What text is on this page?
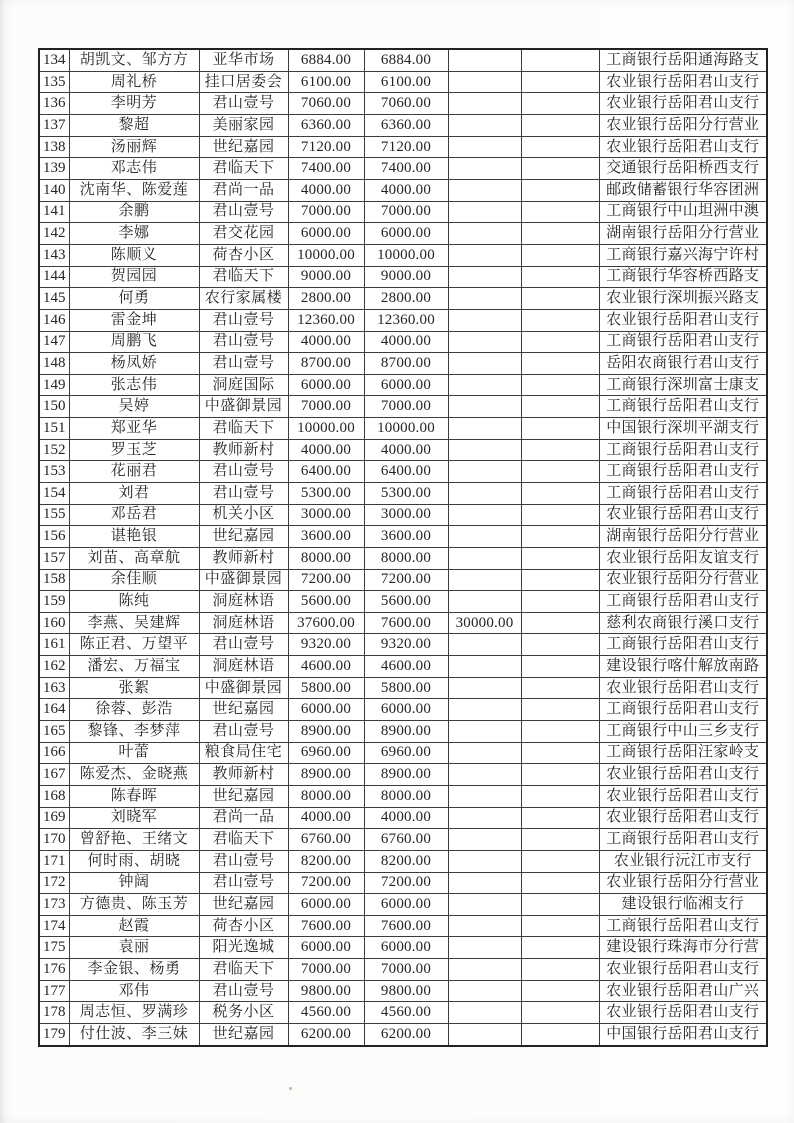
134	胡凯文、邹方方	亚华市场	6884.00	6884.00			工商银行岳阳通海路支
135	周礼桥	挂口居委会	6100.00	6100.00			农业银行岳阳君山支行
136	李明芳	君山壹号	7060.00	7060.00			农业银行岳阳君山支行
137	黎超	美丽家园	6360.00	6360.00			农业银行岳阳分行营业
138	汤丽辉	世纪嘉园	7120.00	7120.00			农业银行岳阳君山支行
139	邓志伟	君临天下	7400.00	7400.00			交通银行岳阳桥西支行
140	沈南华、陈爱莲	君尚一品	4000.00	4000.00			邮政储蓄银行华容团洲
141	余鹏	君山壹号	7000.00	7000.00			工商银行中山坦洲中澳
142	李娜	君交花园	6000.00	6000.00			湖南银行岳阳分行营业
143	陈顺义	荷杏小区	10000.00	10000.00			工商银行嘉兴海宁许村
144	贺园园	君临天下	9000.00	9000.00			工商银行华容桥西路支
145	何勇	农行家属楼	2800.00	2800.00			农业银行深圳振兴路支
146	雷金坤	君山壹号	12360.00	12360.00			农业银行岳阳君山支行
147	周鹏飞	君山壹号	4000.00	4000.00			工商银行岳阳君山支行
148	杨凤娇	君山壹号	8700.00	8700.00			岳阳农商银行君山支行
149	张志伟	洞庭国际	6000.00	6000.00			工商银行深圳富士康支
150	吴婷	中盛御景园	7000.00	7000.00			工商银行岳阳君山支行
151	郑亚华	君临天下	10000.00	10000.00			中国银行深圳平湖支行
152	罗玉芝	教师新村	4000.00	4000.00			工商银行岳阳君山支行
153	花丽君	君山壹号	6400.00	6400.00			工商银行岳阳君山支行
154	刘君	君山壹号	5300.00	5300.00			工商银行岳阳君山支行
155	邓岳君	机关小区	3000.00	3000.00			农业银行岳阳君山支行
156	谌艳银	世纪嘉园	3600.00	3600.00			湖南银行岳阳分行营业
157	刘苗、高章航	教师新村	8000.00	8000.00			农业银行岳阳友谊支行
158	余佳顺	中盛御景园	7200.00	7200.00			农业银行岳阳分行营业
159	陈纯	洞庭林语	5600.00	5600.00			工商银行岳阳君山支行
160	李燕、吴建辉	洞庭林语	37600.00	7600.00	30000.00		慈利农商银行溪口支行
161	陈正君、万望平	君山壹号	9320.00	9320.00			工商银行岳阳君山支行
162	潘宏、万福宝	洞庭林语	4600.00	4600.00			建设银行喀什解放南路
163	张絮	中盛御景园	5800.00	5800.00			农业银行岳阳君山支行
164	徐蓉、彭浩	世纪嘉园	6000.00	6000.00			工商银行岳阳君山支行
165	黎锋、李梦萍	君山壹号	8900.00	8900.00			工商银行中山三乡支行
166	叶蕾	粮食局住宅	6960.00	6960.00			工商银行岳阳汪家岭支
167	陈爱杰、金晓燕	教师新村	8900.00	8900.00			农业银行岳阳君山支行
168	陈春晖	世纪嘉园	8000.00	8000.00			农业银行岳阳君山支行
169	刘晓军	君尚一品	4000.00	4000.00			农业银行岳阳君山支行
170	曾舒艳、王绪文	君临天下	6760.00	6760.00			工商银行岳阳君山支行
171	何时雨、胡晓	君山壹号	8200.00	8200.00			农业银行沅江市支行
172	钟阔	君山壹号	7200.00	7200.00			农业银行岳阳分行营业
173	方德贵、陈玉芳	世纪嘉园	6000.00	6000.00			建设银行临湘支行
174	赵霞	荷杏小区	7600.00	7600.00			工商银行岳阳君山支行
175	袁丽	阳光逸城	6000.00	6000.00			建设银行珠海市分行营
176	李金银、杨勇	君临天下	7000.00	7000.00			农业银行岳阳君山支行
177	邓伟	君山壹号	9800.00	9800.00			农业银行岳阳君山广兴
178	周志恒、罗满珍	税务小区	4560.00	4560.00			农业银行岳阳君山支行
179	付仕波、李三妹	世纪嘉园	6200.00	6200.00			中国银行岳阳君山支行
